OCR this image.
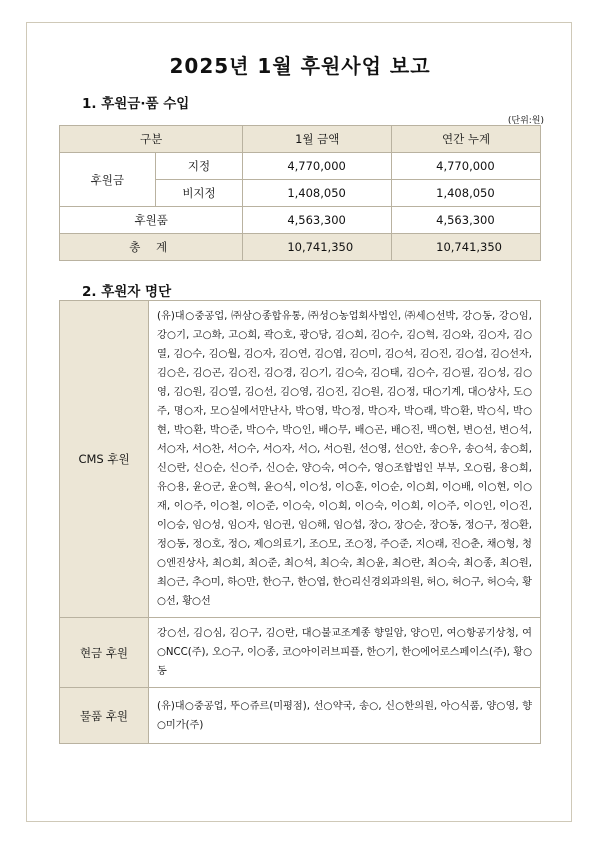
2025년 1월 후원사업 보고
1. 후원금·품 수입
(단위:원)
구분		1월 금액	연간 누계
후원금	지정	4,770,000	4,770,000
	비지정	1,408,050	1,408,050
후원품		4,563,300	4,563,300
총 계		10,741,350	10,741,350
2. 후원자 명단
CMS 후원	(유)대○중공업, ㈜삼○종합유통, ㈜성○농업회사법인, ㈜세○선박, 강○동, 강○임, 강○기, 고○화, 고○희, 곽○호, 광○당, 김○희, 김○수, 김○혁, 김○와, 김○자, 김○열, 김○수, 김○월, 김○자, 김○연, 김○엽, 김○미, 김○석, 김○진, 김○섭, 김○선자, 김○은, 김○곤, 김○진, 김○경, 김○기, 김○숙, 김○태, 김○수, 김○필, 김○성, 김○영, 김○원, 김○열, 김○선, 김○영, 김○진, 김○원, 김○정, 대○기계, 대○상사, 도○주, 명○자, 모○실에서만난사, 박○영, 박○정, 박○자, 박○래, 박○환, 박○식, 박○현, 박○환, 박○준, 박○수, 박○인, 배○무, 배○곤, 배○진, 백○현, 변○선, 변○석, 서○자, 서○찬, 서○수, 서○자, 서○, 서○원, 선○영, 선○안, 송○우, 송○석, 송○희, 신○란, 신○순, 신○주, 신○순, 양○숙, 여○수, 영○조합법인 부부, 오○림, 용○희, 유○용, 윤○군, 윤○혁, 윤○식, 이○성, 이○훈, 이○순, 이○희, 이○배, 이○현, 이○재, 이○주, 이○철, 이○준, 이○숙, 이○희, 이○숙, 이○희, 이○주, 이○인, 이○진, 이○승, 임○성, 임○자, 임○권, 임○해, 임○섭, 장○, 장○순, 장○동, 정○구, 정○환, 정○동, 정○호, 정○, 제○의료기, 조○모, 조○정, 주○준, 지○래, 진○춘, 채○형, 청○엔진상사, 최○희, 최○준, 최○석, 최○숙, 최○윤, 최○란, 최○숙, 최○종, 최○원, 최○근, 추○미, 하○만, 한○구, 한○엽, 한○리신경외과의원, 허○, 허○구, 허○숙, 황○선, 황○선
현금 후원	강○선, 김○심, 김○구, 김○란, 대○불교조계종 향일암, 양○민, 여○항공기상청, 여○NCC(주), 오○구, 이○종, 코○아이러브피플, 한○기, 한○에어로스페이스(주), 황○동
물품 후원	(유)대○중공업, 뚜○쥬르(미평점), 선○약국, 송○, 신○한의원, 아○식품, 양○영, 향○미가(주)
